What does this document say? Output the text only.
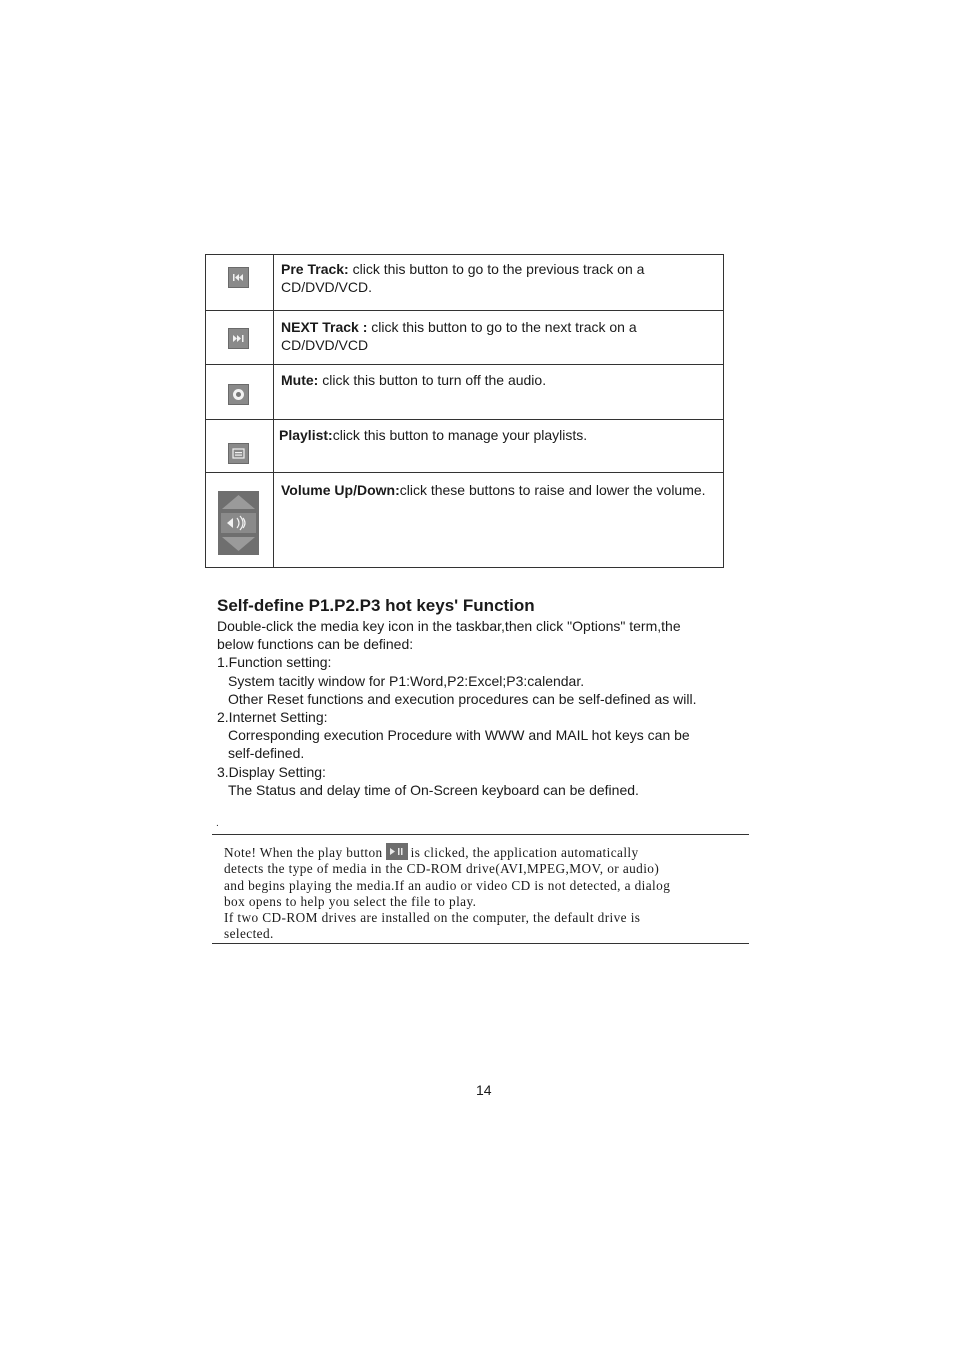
Pre Track: click this button to go to the previous track on a
CD/DVD/VCD.
NEXT Track : click this button to go to the next track on a
CD/DVD/VCD
Mute: click this button to turn off the audio.
Playlist:click this button to manage your playlists.
Volume Up/Down:click these buttons to raise and lower the volume.
Self-define P1.P2.P3 hot keys' Function
Double-click the media key icon in the taskbar,then click "Options" term,the
below functions can be defined:
1.Function setting:
System tacitly window for P1:Word,P2:Excel;P3:calendar.
Other Reset functions and execution procedures can be self-defined as will.
2.Internet Setting:
Corresponding execution Procedure with WWW and MAIL hot keys can be
self-defined.
3.Display Setting:
The Status and delay time of On-Screen keyboard can be defined.
.
Note! When the play button is clicked, the application automatically
detects the type of media in the CD-ROM drive(AVI,MPEG,MOV, or audio)
and begins playing the media.If an audio or video CD is not detected, a dialog
box opens to help you select the file to play.
If two CD-ROM drives are installed on the computer, the default drive is
selected.
14
